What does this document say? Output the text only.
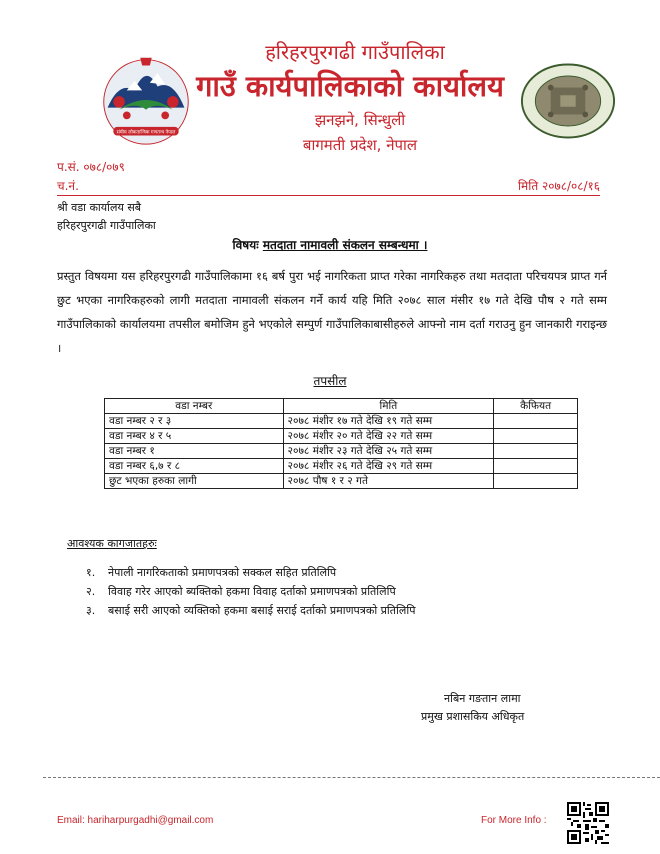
संघीय लोकतान्त्रिक गणतन्त्र नेपाल
हरिहरपुरगढी गाउँपालिका
गाउँ कार्यपालिकाको कार्यालय
झनझने, सिन्धुली
बागमती प्रदेश, नेपाल
प.सं. ०७८/०७९
च.नं.	मिति २०७८/०८/१६
श्री वडा कार्यालय सबै
हरिहरपुरगढी गाउँपालिका
विषयः मतदाता नामावली संकलन सम्बन्धमा ।

प्रस्तुत विषयमा यस हरिहरपुरगढी गाउँपालिकामा १६ बर्ष पुरा भई नागरिकता प्राप्त गरेका नागरिकहरु तथा मतदाता परिचयपत्र प्राप्त गर्न छुट भएका नागरिकहरुको लागी मतदाता नामावली संकलन गर्ने कार्य यहि मिति २०७८ साल मंसीर १७ गते देखि पौष २ गते सम्म गाउँपालिकाको कार्यालयमा तपसील बमोजिम हुने भएकोले सम्पुर्ण गाउँपालिकाबासीहरुले आफ्नो नाम दर्ता गराउनु हुन जानकारी गराइन्छ ।

तपसील
वडा नम्बर	मिति	कैफियत
वडा नम्बर २ र ३	२०७८ मंशीर १७ गते देखि १९ गते सम्म	
वडा नम्बर ४ र ५	२०७८ मंशीर २० गते देखि २२ गते सम्म	
वडा नम्बर १	२०७८ मंशीर २३ गते देखि २५ गते सम्म	
वडा नम्बर ६,७ र ८	२०७८ मंशीर २६ गते देखि २९ गते सम्म	
छुट भएका हरुका लागी	२०७८ पौष १ र २ गते	
आवश्यक कागजातहरुः
१.	नेपाली नागरिकताको प्रमाणपत्रको सक्कल सहित प्रतिलिपि
२.	विवाह गरेर आएको ब्यक्तिको हकमा विवाह दर्ताको प्रमाणपत्रको प्रतिलिपि
३.	बसाई सरी आएको व्यक्तिको हकमा बसाई सराई दर्ताको प्रमाणपत्रको प्रतिलिपि
नबिन गङतान लामा
प्रमुख प्रशासकिय अधिकृत
Email: hariharpurgadhi@gmail.com	For More Info :
